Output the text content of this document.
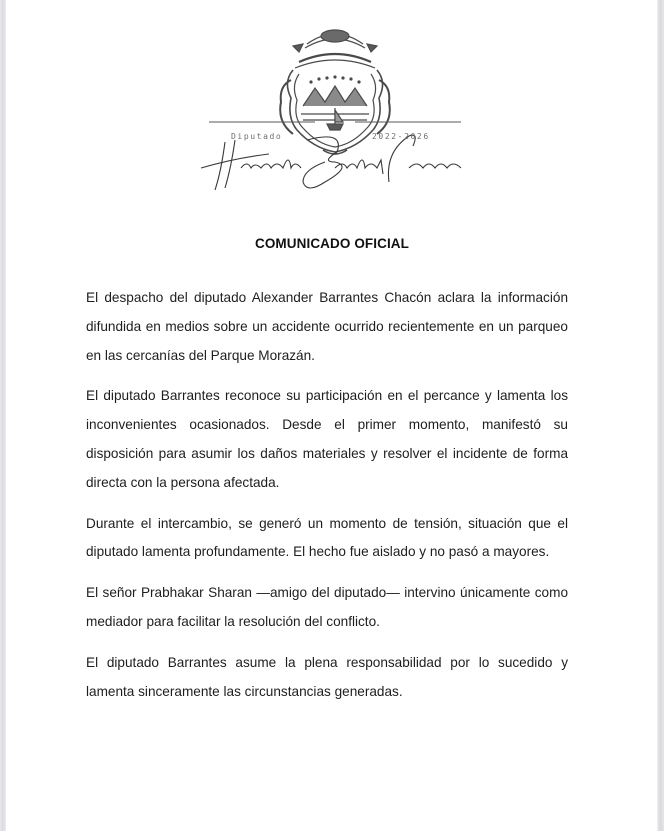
Diputado	2022-2026
COMUNICADO OFICIAL

El despacho del diputado Alexander Barrantes Chacón aclara la información difundida en medios sobre un accidente ocurrido recientemente en un parqueo en las cercanías del Parque Morazán.

El diputado Barrantes reconoce su participación en el percance y lamenta los inconvenientes ocasionados. Desde el primer momento, manifestó su disposición para asumir los daños materiales y resolver el incidente de forma directa con la persona afectada.

Durante el intercambio, se generó un momento de tensión, situación que el diputado lamenta profundamente. El hecho fue aislado y no pasó a mayores.

El señor Prabhakar Sharan —amigo del diputado— intervino únicamente como mediador para facilitar la resolución del conflicto.

El diputado Barrantes asume la plena responsabilidad por lo sucedido y lamenta sinceramente las circunstancias generadas.
